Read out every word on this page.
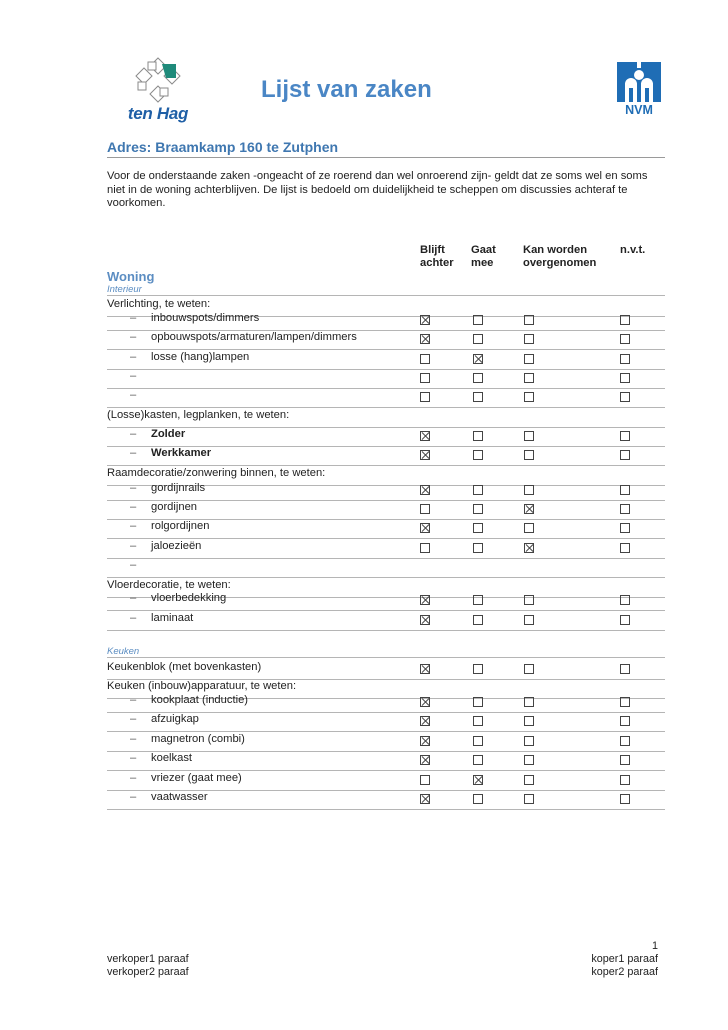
ten Hag
Lijst van zaken
NVM
Adres: Braamkamp 160 te Zutphen
Voor de onderstaande zaken -ongeacht of ze roerend dan wel onroerend zijn- geldt dat ze soms wel en soms niet in de woning achterblijven. De lijst is bedoeld om duidelijkheid te scheppen om discussies achteraf te voorkomen.
Blijft
achter
Gaat
mee
Kan worden
overgenomen
n.v.t.
Woning
Interieur
Keuken
Verlichting, te weten:
– inbouwspots/dimmers
– opbouwspots/armaturen/lampen/dimmers
– losse (hang)lampen
–
–
(Losse)kasten, legplanken, te weten:
– Zolder
– Werkkamer
Raamdecoratie/zonwering binnen, te weten:
– gordijnrails
– gordijnen
– rolgordijnen
– jaloezieën
–
Vloerdecoratie, te weten:
– vloerbedekking
– laminaat
Keukenblok (met bovenkasten)
Keuken (inbouw)apparatuur, te weten:
– kookplaat (inductie)
– afzuigkap
– magnetron (combi)
– koelkast
– vriezer (gaat mee)
– vaatwasser
1
verkoper1 paraaf
verkoper2 paraaf
koper1 paraaf
koper2 paraaf
